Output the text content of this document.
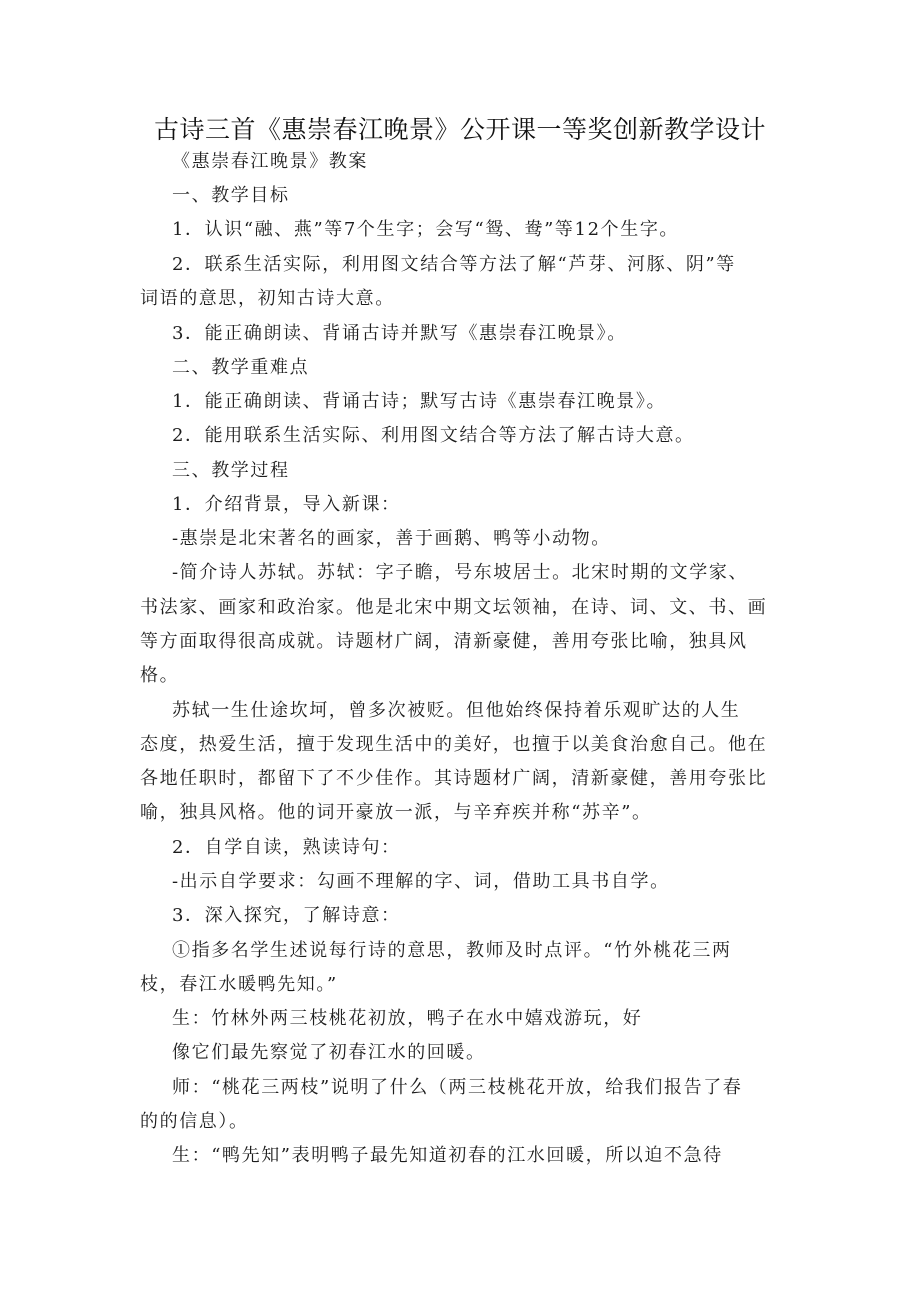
古诗三首《惠崇春江晚景》公开课一等奖创新教学设计
《惠崇春江晚景》教案
一、教学目标
1．认识“融、燕”等7个生字；会写“鸳、鸯”等12个生字。
2．联系生活实际，利用图文结合等方法了解“芦芽、河豚、阴”等
词语的意思，初知古诗大意。
3．能正确朗读、背诵古诗并默写《惠崇春江晚景》。
二、教学重难点
1．能正确朗读、背诵古诗；默写古诗《惠崇春江晚景》。
2．能用联系生活实际、利用图文结合等方法了解古诗大意。
三、教学过程
1．介绍背景，导入新课：
-惠崇是北宋著名的画家，善于画鹅、鸭等小动物。
-简介诗人苏轼。苏轼：字子瞻，号东坡居士。北宋时期的文学家、
书法家、画家和政治家。他是北宋中期文坛领袖，在诗、词、文、书、画
等方面取得很高成就。诗题材广阔，清新豪健，善用夸张比喻，独具风
格。
苏轼一生仕途坎坷，曾多次被贬。但他始终保持着乐观旷达的人生
态度，热爱生活，擅于发现生活中的美好，也擅于以美食治愈自己。他在
各地任职时，都留下了不少佳作。其诗题材广阔，清新豪健，善用夸张比
喻，独具风格。他的词开豪放一派，与辛弃疾并称“苏辛”。
2．自学自读，熟读诗句：
-出示自学要求：勾画不理解的字、词，借助工具书自学。
3．深入探究，了解诗意：
①指多名学生述说每行诗的意思，教师及时点评。“竹外桃花三两
枝，春江水暖鸭先知。”
生：竹林外两三枝桃花初放，鸭子在水中嬉戏游玩，好
像它们最先察觉了初春江水的回暖。
师：“桃花三两枝”说明了什么（两三枝桃花开放，给我们报告了春
的的信息）。
生：“鸭先知”表明鸭子最先知道初春的江水回暖，所以迫不急待
